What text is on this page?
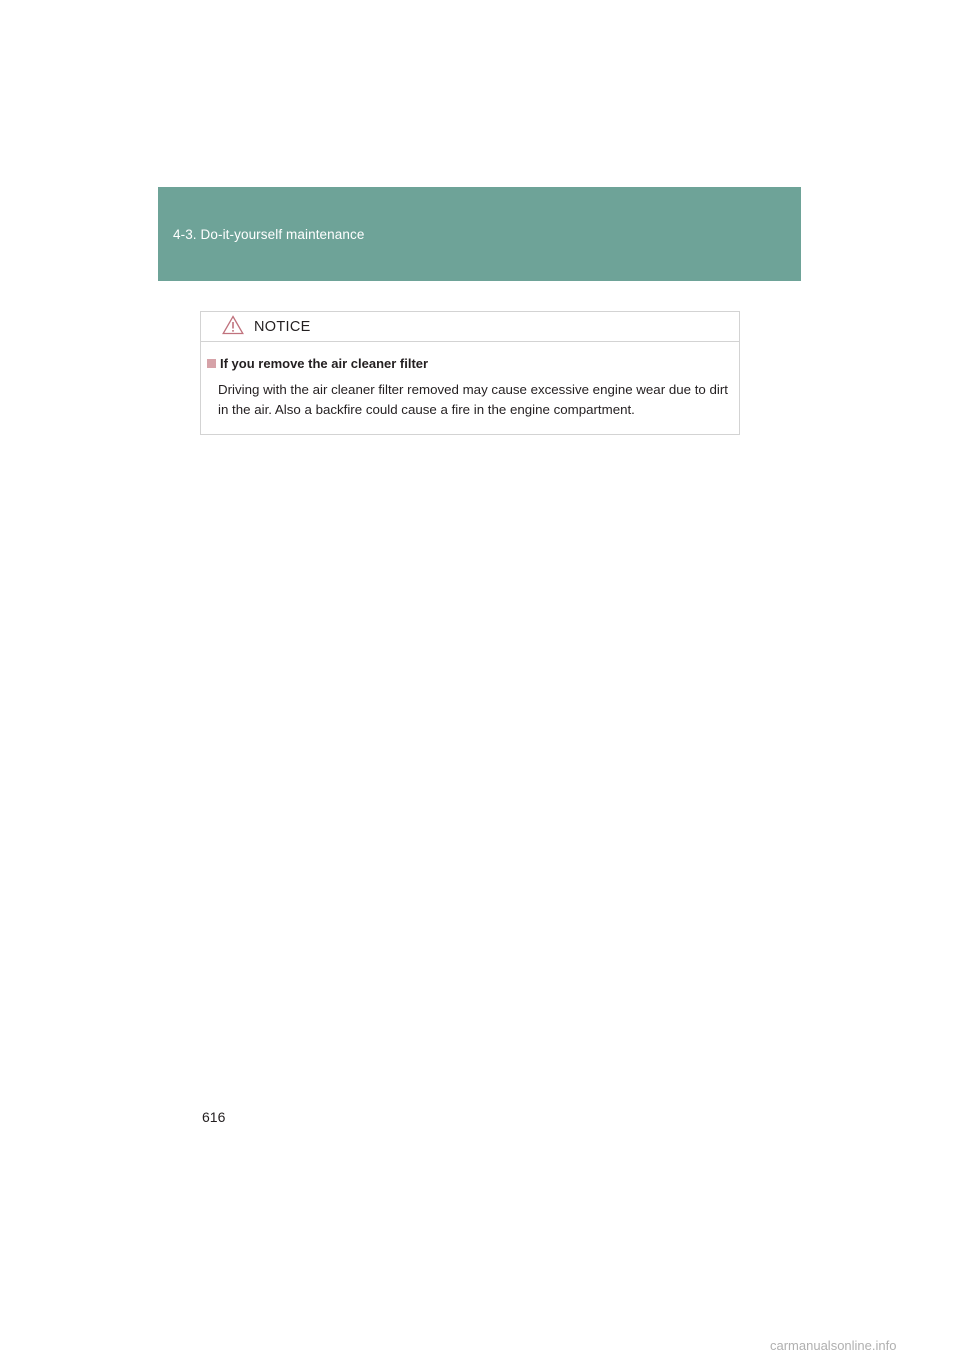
4-3. Do-it-yourself maintenance
NOTICE
If you remove the air cleaner filter
Driving with the air cleaner filter removed may cause excessive engine wear due to dirt in the air. Also a backfire could cause a fire in the engine compartment.
616
carmanualsonline.info
